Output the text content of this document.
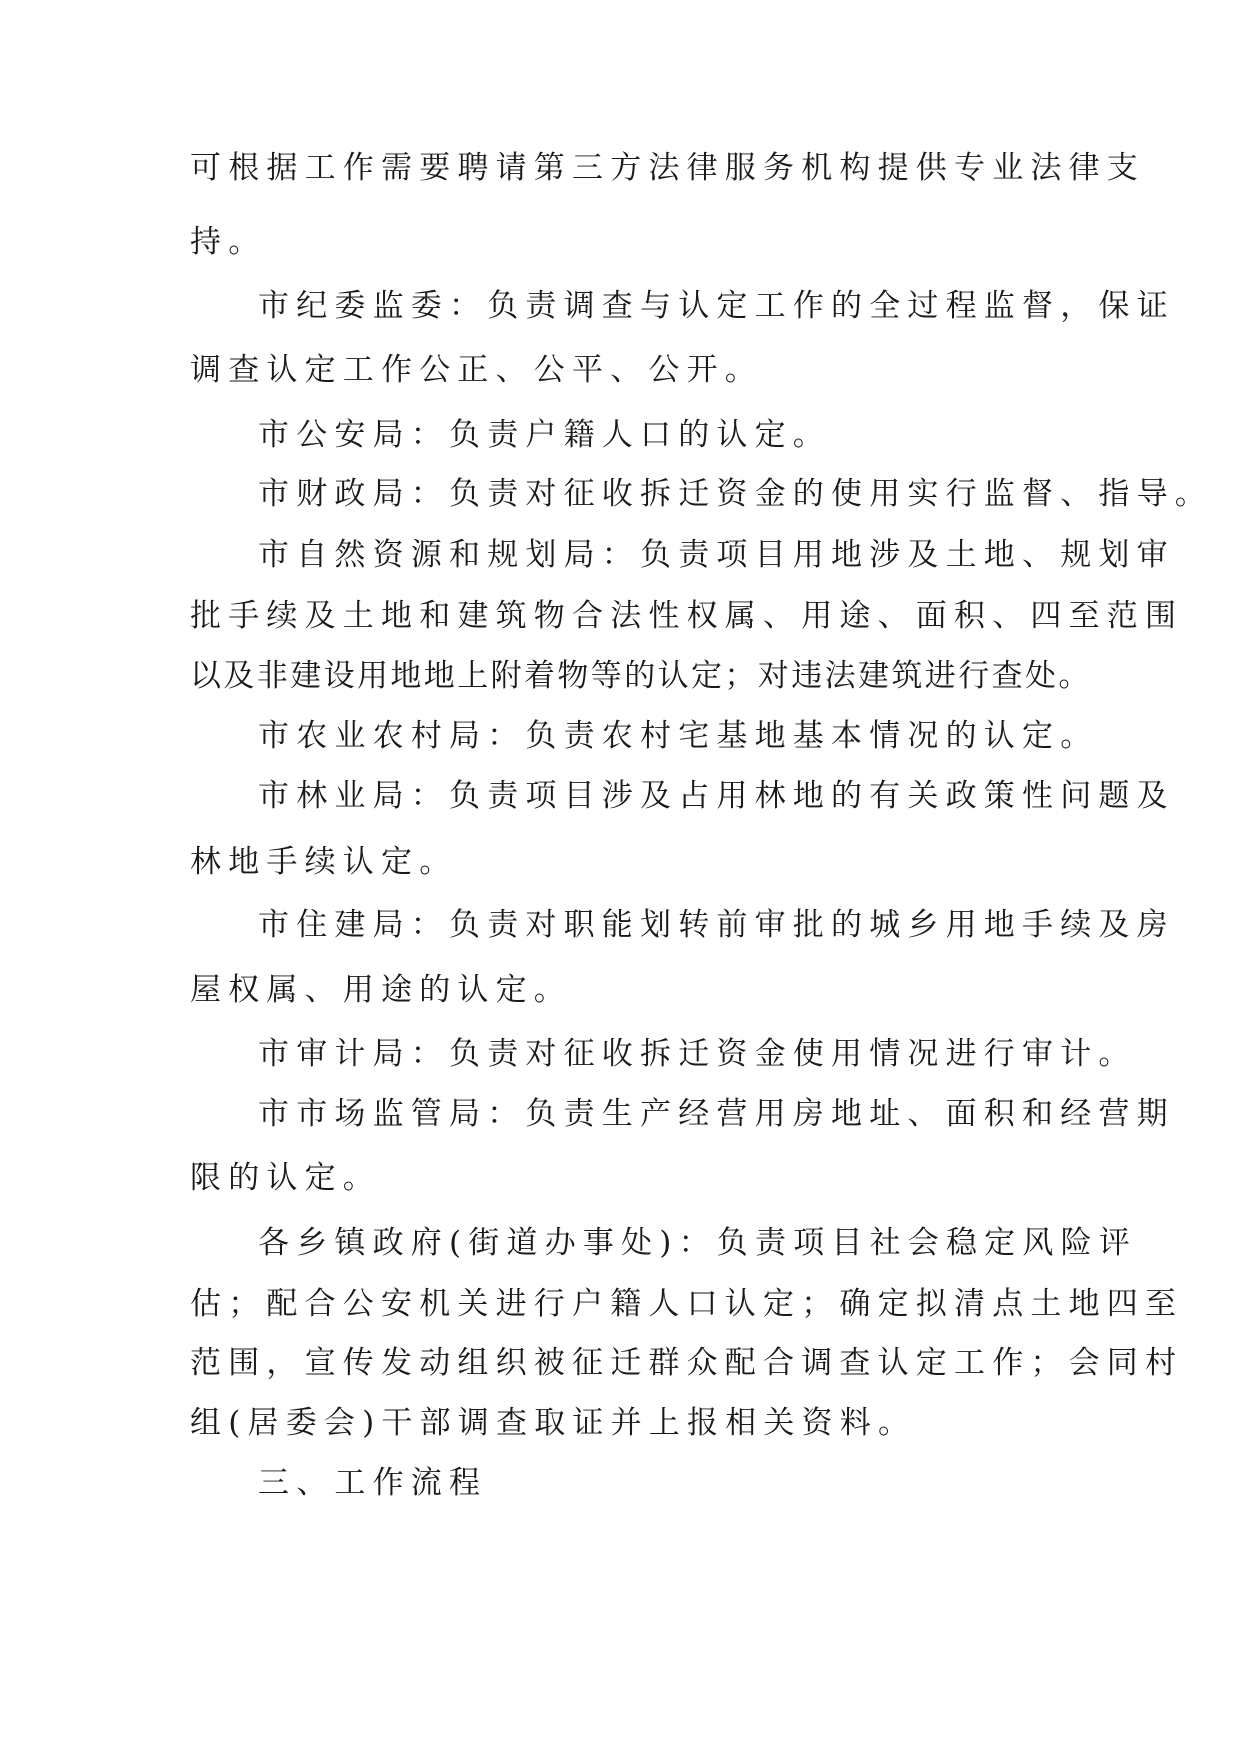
可根据工作需要聘请第三方法律服务机构提供专业法律支
持。
市纪委监委：负责调查与认定工作的全过程监督，保证
调查认定工作公正、公平、公开。
市公安局：负责户籍人口的认定。
市财政局：负责对征收拆迁资金的使用实行监督、指导。
市自然资源和规划局：负责项目用地涉及土地、规划审
批手续及土地和建筑物合法性权属、用途、面积、四至范围
以及非建设用地地上附着物等的认定；对违法建筑进行查处。
市农业农村局：负责农村宅基地基本情况的认定。
市林业局：负责项目涉及占用林地的有关政策性问题及
林地手续认定。
市住建局：负责对职能划转前审批的城乡用地手续及房
屋权属、用途的认定。
市审计局：负责对征收拆迁资金使用情况进行审计。
市市场监管局：负责生产经营用房地址、面积和经营期
限的认定。
各乡镇政府(街道办事处)：负责项目社会稳定风险评
估；配合公安机关进行户籍人口认定；确定拟清点土地四至
范围，宣传发动组织被征迁群众配合调查认定工作；会同村
组(居委会)干部调查取证并上报相关资料。
三、工作流程
